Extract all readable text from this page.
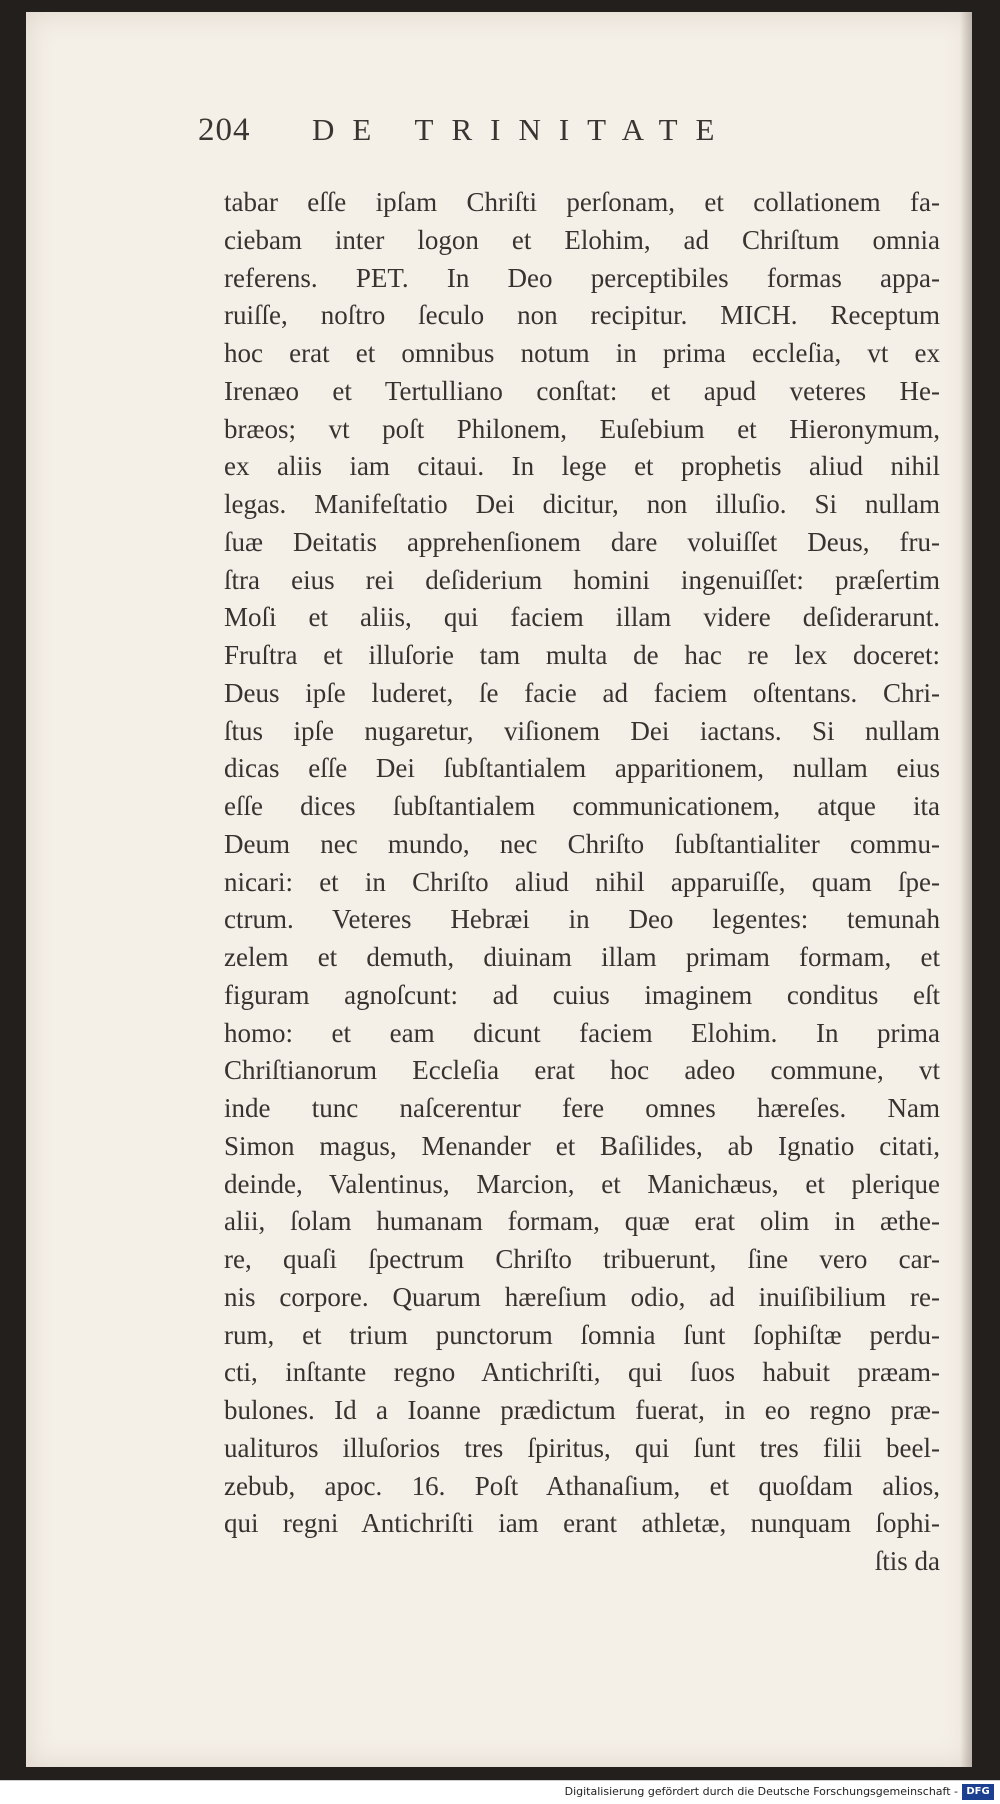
204 DE TRINITATE
tabar eſſe ipſam Chriſti perſonam, et collationem fa-
ciebam inter logon et Elohim, ad Chriſtum omnia
referens. PET. In Deo perceptibiles formas appa-
ruiſſe, noſtro ſeculo non recipitur. MICH. Receptum
hoc erat et omnibus notum in prima eccleſia, vt ex
Irenæo et Tertulliano conſtat: et apud veteres He-
bræos; vt poſt Philonem, Euſebium et Hieronymum,
ex aliis iam citaui. In lege et prophetis aliud nihil
legas. Manifeſtatio Dei dicitur, non illuſio. Si nullam
ſuæ Deitatis apprehenſionem dare voluiſſet Deus, fru-
ſtra eius rei deſiderium homini ingenuiſſet: præſertim
Moſi et aliis, qui faciem illam videre deſiderarunt.
Fruſtra et illuſorie tam multa de hac re lex doceret:
Deus ipſe luderet, ſe facie ad faciem oſtentans. Chri-
ſtus ipſe nugaretur, viſionem Dei iactans. Si nullam
dicas eſſe Dei ſubſtantialem apparitionem, nullam eius
eſſe dices ſubſtantialem communicationem, atque ita
Deum nec mundo, nec Chriſto ſubſtantialiter commu-
nicari: et in Chriſto aliud nihil apparuiſſe, quam ſpe-
ctrum. Veteres Hebræi in Deo legentes: temunah
zelem et demuth, diuinam illam primam formam, et
figuram agnoſcunt: ad cuius imaginem conditus eſt
homo: et eam dicunt faciem Elohim. In prima
Chriſtianorum Eccleſia erat hoc adeo commune, vt
inde tunc naſcerentur fere omnes hæreſes. Nam
Simon magus, Menander et Baſilides, ab Ignatio citati,
deinde, Valentinus, Marcion, et Manichæus, et plerique
alii, ſolam humanam formam, quæ erat olim in æthe-
re, quaſi ſpectrum Chriſto tribuerunt, ſine vero car-
nis corpore. Quarum hæreſium odio, ad inuiſibilium re-
rum, et trium punctorum ſomnia ſunt ſophiſtæ perdu-
cti, inſtante regno Antichriſti, qui ſuos habuit præam-
bulones. Id a Ioanne prædictum fuerat, in eo regno præ-
ualituros illuſorios tres ſpiritus, qui ſunt tres filii beel-
zebub, apoc. 16. Poſt Athanaſium, et quoſdam alios,
qui regni Antichriſti iam erant athletæ, nunquam ſophi-
ſtis da
Digitalisierung gefördert durch die Deutsche Forschungsgemeinschaft - DFG
